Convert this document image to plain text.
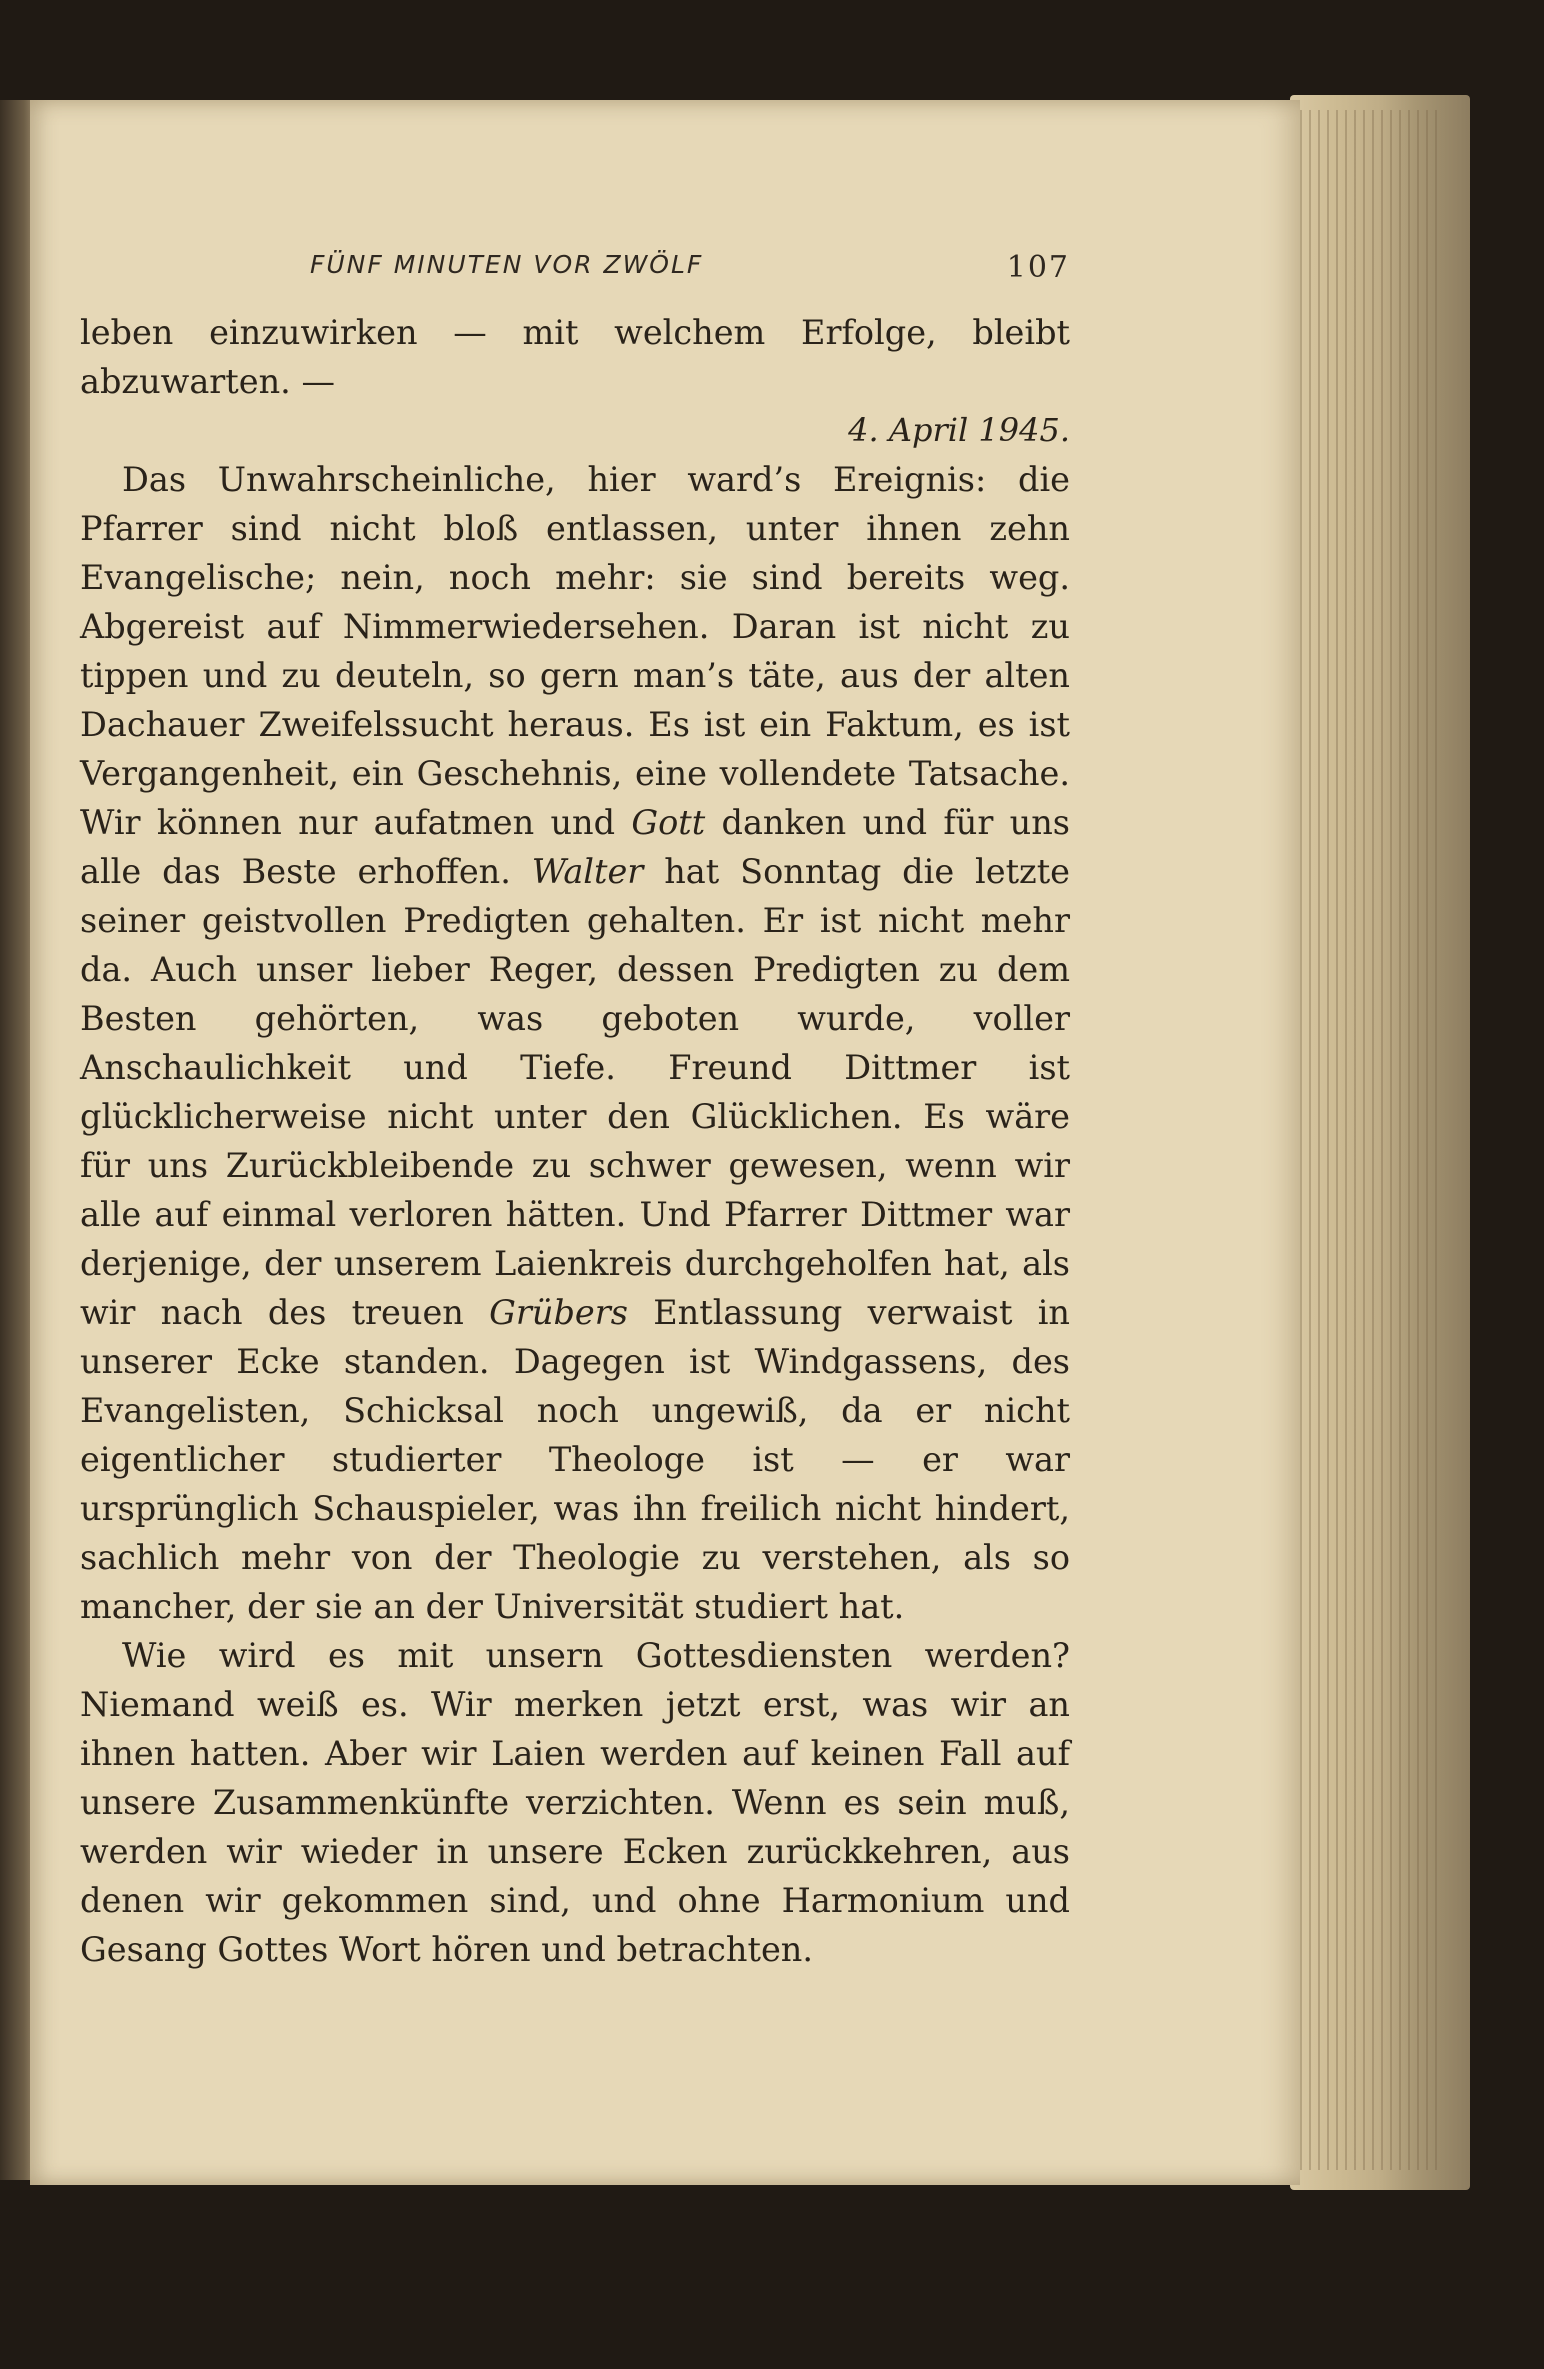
FÜNF MINUTEN VOR ZWÖLF	107

leben einzuwirken — mit welchem Erfolge, bleibt abzuwarten. —

4. April 1945.

Das Unwahrscheinliche, hier ward’s Ereignis: die Pfarrer sind nicht bloß entlassen, unter ihnen zehn Evangelische; nein, noch mehr: sie sind bereits weg. Abgereist auf Nimmerwiedersehen. Daran ist nicht zu tippen und zu deuteln, so gern man’s täte, aus der alten Dachauer Zweifelssucht heraus. Es ist ein Faktum, es ist Vergangenheit, ein Geschehnis, eine vollendete Tatsache. Wir können nur aufatmen und Gott danken und für uns alle das Beste erhoffen. Walter hat Sonntag die letzte seiner geistvollen Predigten gehalten. Er ist nicht mehr da. Auch unser lieber Reger, dessen Predigten zu dem Besten gehörten, was geboten wurde, voller Anschaulichkeit und Tiefe. Freund Dittmer ist glücklicherweise nicht unter den Glücklichen. Es wäre für uns Zurückbleibende zu schwer gewesen, wenn wir alle auf einmal verloren hätten. Und Pfarrer Dittmer war derjenige, der unserem Laienkreis durchgeholfen hat, als wir nach des treuen Grübers Entlassung verwaist in unserer Ecke standen. Dagegen ist Windgassens, des Evangelisten, Schicksal noch ungewiß, da er nicht eigentlicher studierter Theologe ist — er war ursprünglich Schauspieler, was ihn freilich nicht hindert, sachlich mehr von der Theologie zu verstehen, als so mancher, der sie an der Universität studiert hat.

Wie wird es mit unsern Gottesdiensten werden? Niemand weiß es. Wir merken jetzt erst, was wir an ihnen hatten. Aber wir Laien werden auf keinen Fall auf unsere Zusammenkünfte verzichten. Wenn es sein muß, werden wir wieder in unsere Ecken zurückkehren, aus denen wir gekommen sind, und ohne Harmonium und Gesang Gottes Wort hören und betrachten.
